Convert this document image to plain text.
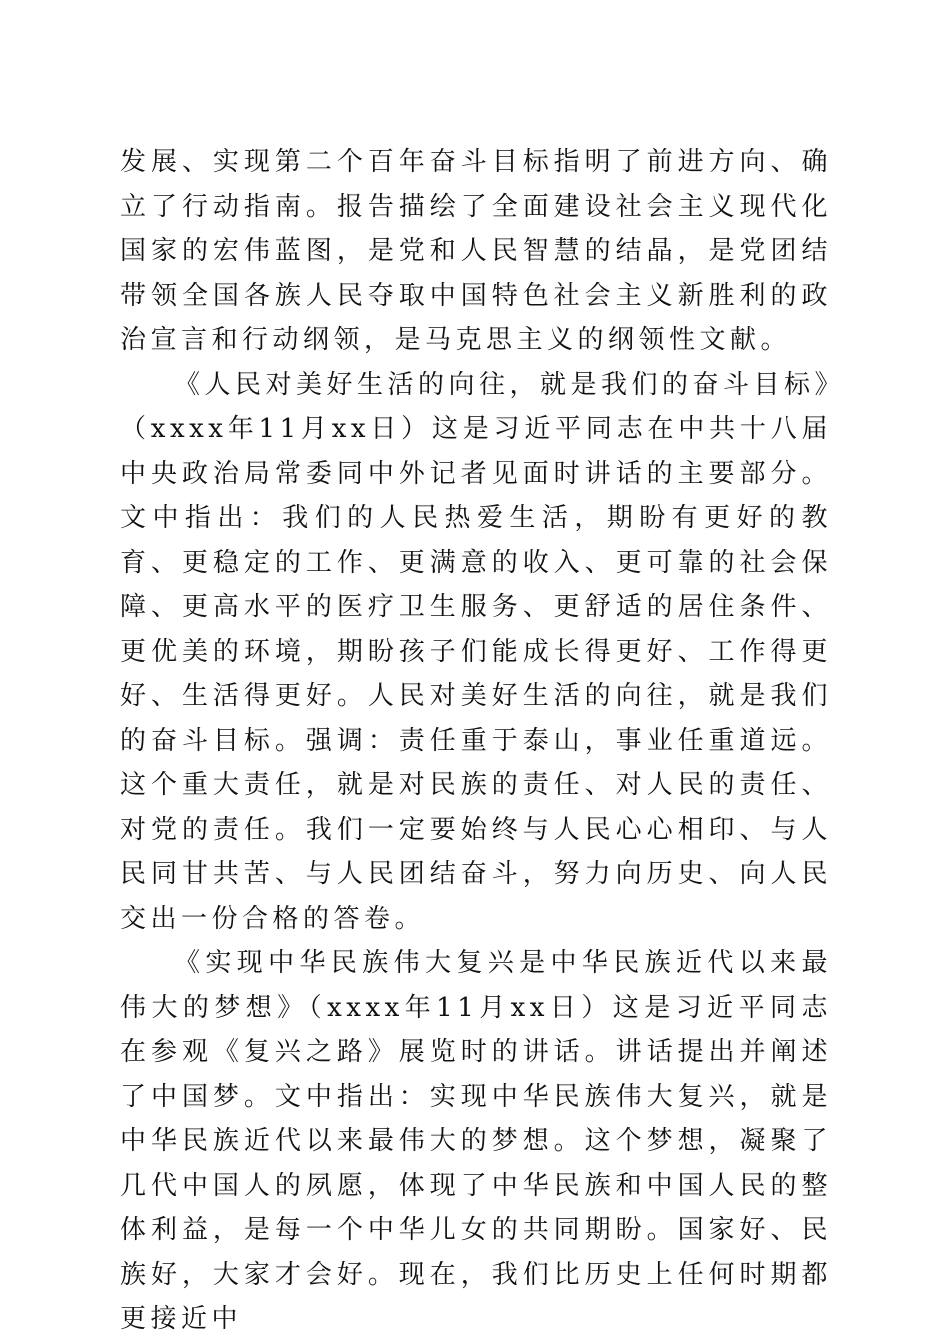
发展、实现第二个百年奋斗目标指明了前进方向、确立了行动指南。报告描绘了全面建设社会主义现代化国家的宏伟蓝图，是党和人民智慧的结晶，是党团结带领全国各族人民夺取中国特色社会主义新胜利的政治宣言和行动纲领，是马克思主义的纲领性文献。

《人民对美好生活的向往，就是我们的奋斗目标》（xxxx年11月xx日）这是习近平同志在中共十八届中央政治局常委同中外记者见面时讲话的主要部分。文中指出：我们的人民热爱生活，期盼有更好的教育、更稳定的工作、更满意的收入、更可靠的社会保障、更高水平的医疗卫生服务、更舒适的居住条件、更优美的环境，期盼孩子们能成长得更好、工作得更好、生活得更好。人民对美好生活的向往，就是我们的奋斗目标。强调：责任重于泰山，事业任重道远。这个重大责任，就是对民族的责任、对人民的责任、对党的责任。我们一定要始终与人民心心相印、与人民同甘共苦、与人民团结奋斗，努力向历史、向人民交出一份合格的答卷。

《实现中华民族伟大复兴是中华民族近代以来最伟大的梦想》（xxxx年11月xx日）这是习近平同志在参观《复兴之路》展览时的讲话。讲话提出并阐述了中国梦。文中指出：实现中华民族伟大复兴，就是中华民族近代以来最伟大的梦想。这个梦想，凝聚了几代中国人的夙愿，体现了中华民族和中国人民的整体利益，是每一个中华儿女的共同期盼。国家好、民族好，大家才会好。现在，我们比历史上任何时期都更接近中
